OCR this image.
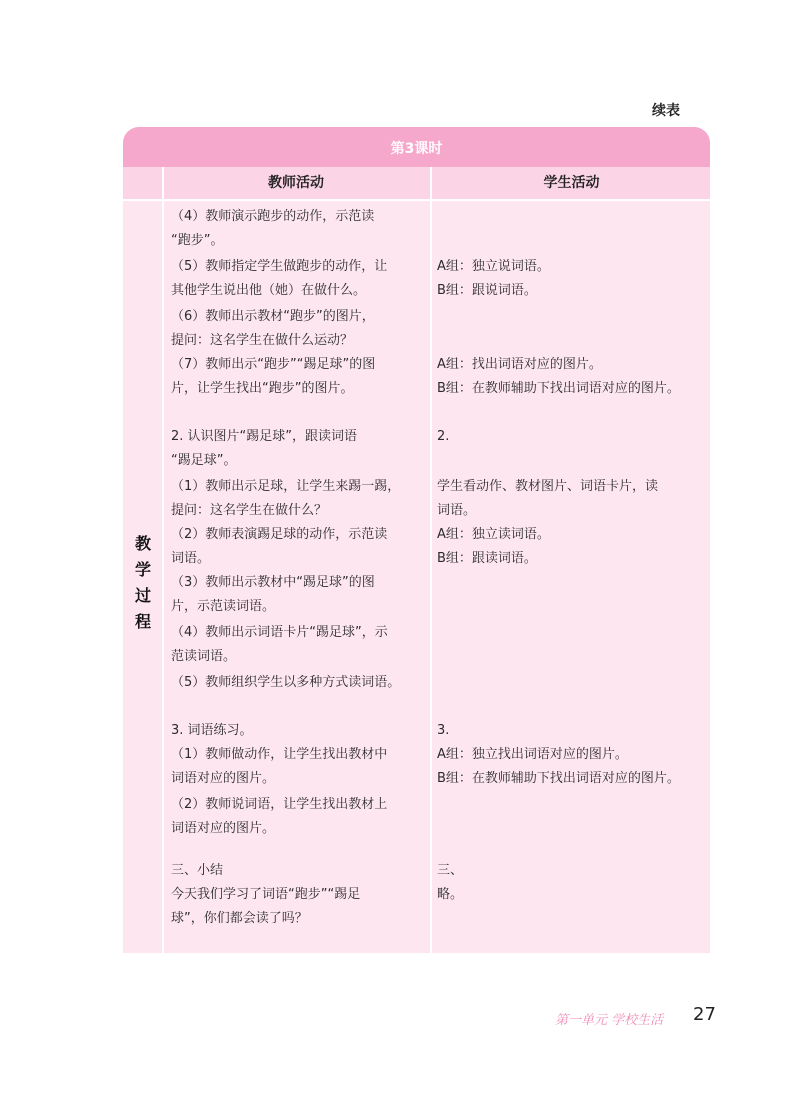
续表
第3课时
教师活动	学生活动
教
学
过
程
（4）教师演示跑步的动作，示范读
“跑步”。
（5）教师指定学生做跑步的动作，让
其他学生说出他（她）在做什么。
（6）教师出示教材“跑步”的图片，
提问：这名学生在做什么运动？
（7）教师出示“跑步”“踢足球”的图
片，让学生找出“跑步”的图片。
2. 认识图片“踢足球”，跟读词语
“踢足球”。
（1）教师出示足球，让学生来踢一踢，
提问：这名学生在做什么？
（2）教师表演踢足球的动作，示范读
词语。
（3）教师出示教材中“踢足球”的图
片，示范读词语。
（4）教师出示词语卡片“踢足球”，示
范读词语。
（5）教师组织学生以多种方式读词语。
3. 词语练习。
（1）教师做动作，让学生找出教材中
词语对应的图片。
（2）教师说词语，让学生找出教材上
词语对应的图片。
三、小结
今天我们学习了词语“跑步”“踢足
球”，你们都会读了吗？
A组：独立说词语。
B组：跟说词语。
A组：找出词语对应的图片。
B组：在教师辅助下找出词语对应的图片。
2.
学生看动作、教材图片、词语卡片，读
词语。
A组：独立读词语。
B组：跟读词语。
3.
A组：独立找出词语对应的图片。
B组：在教师辅助下找出词语对应的图片。
三、
略。
第一单元 学校生活 27
